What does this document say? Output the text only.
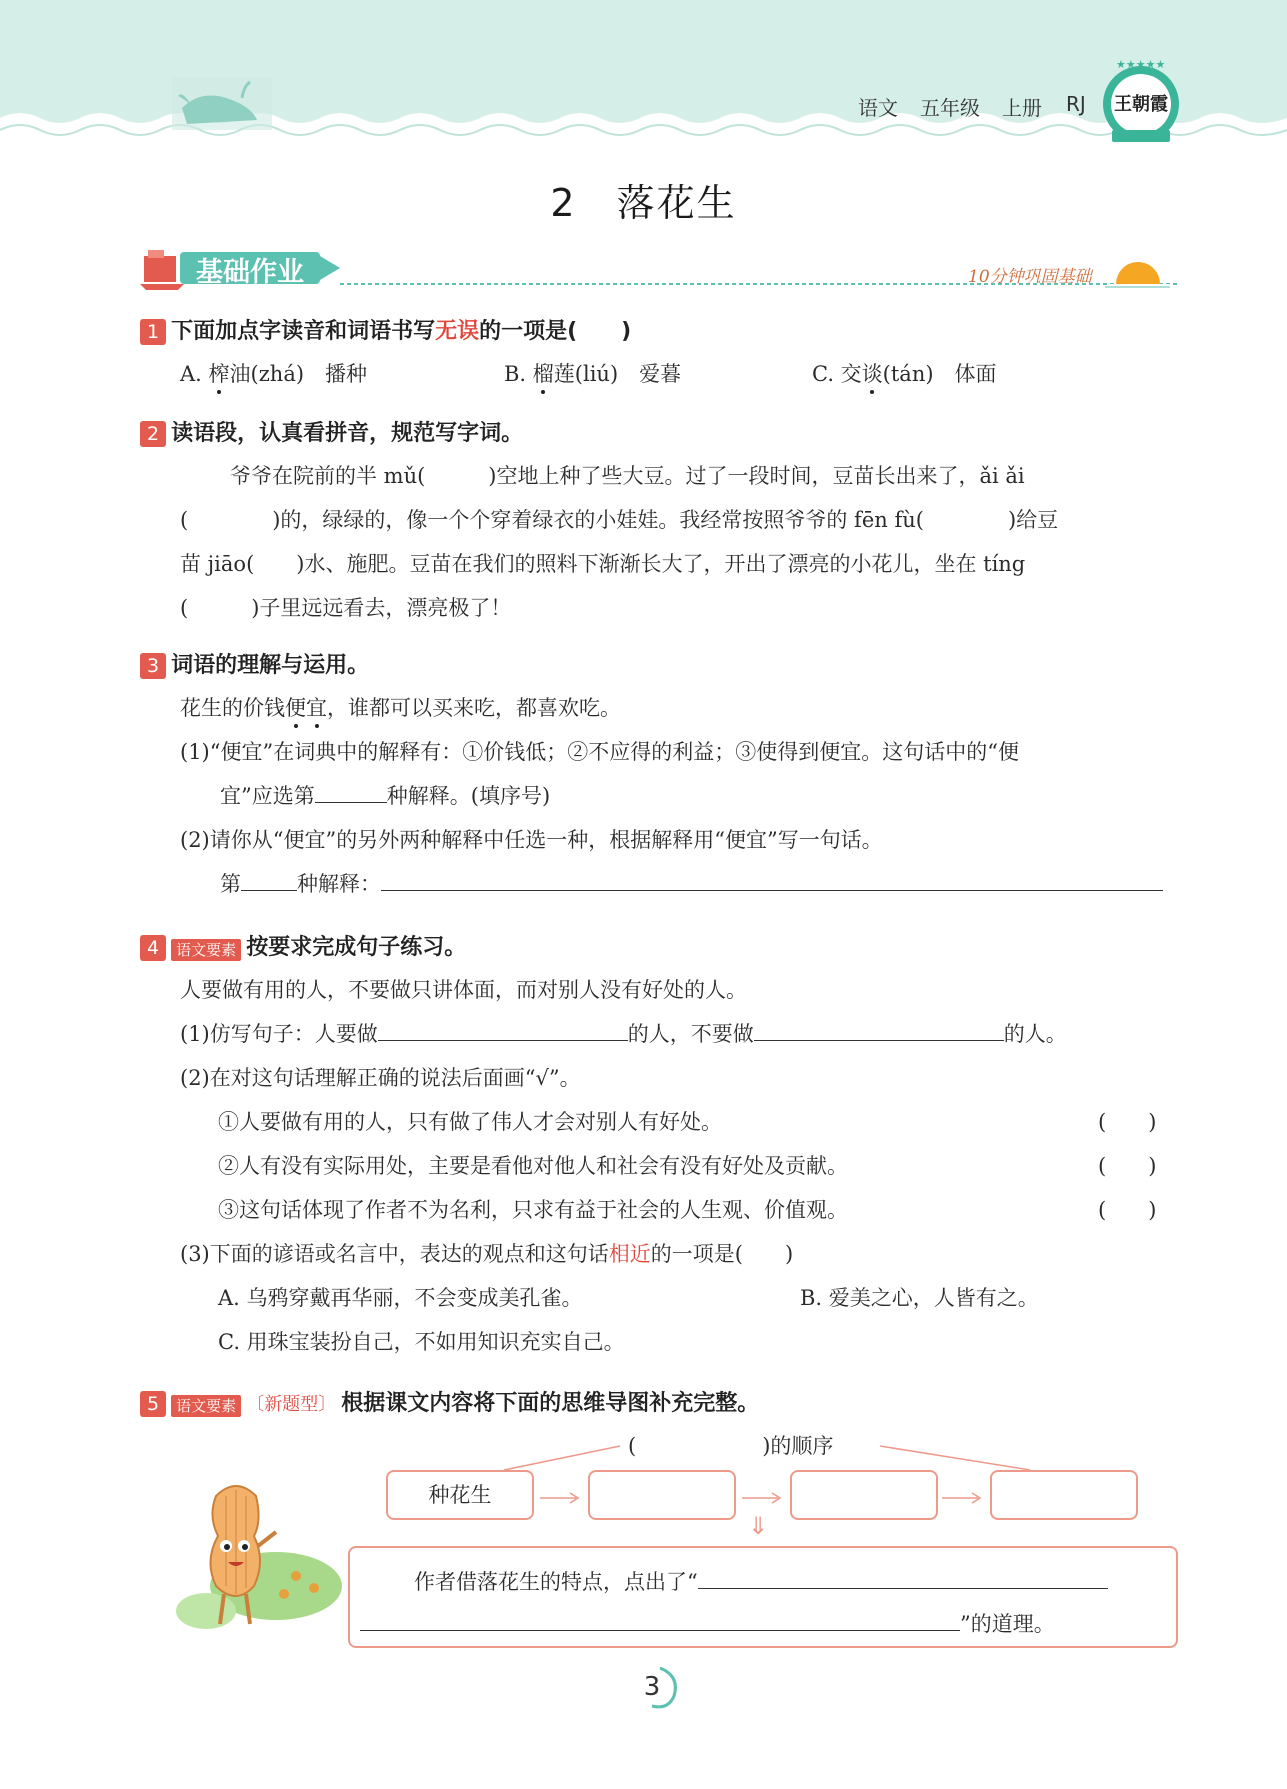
语文 五年级 上册 RJ
★★★★★
王朝霞
2　落花生
基础作业	10分钟巩固基础
1 下面加点字读音和词语书写无误的一项是(　　)
A. 榨油(zhá)　播种	B. 榴莲(liú)　爱暮	C. 交谈(tán)　体面
2 读语段，认真看拼音，规范写字词。
爷爷在院前的半 mǔ(　　　)空地上种了些大豆。过了一段时间，豆苗长出来了，ǎi ǎi
(　　　　)的，绿绿的，像一个个穿着绿衣的小娃娃。我经常按照爷爷的 fēn fù(　　　　)给豆
苗 jiāo(　　)水、施肥。豆苗在我们的照料下渐渐长大了，开出了漂亮的小花儿，坐在 tíng
(　　　)子里远远看去，漂亮极了！
3 词语的理解与运用。
花生的价钱便宜，谁都可以买来吃，都喜欢吃。
(1)“便宜”在词典中的解释有：①价钱低；②不应得的利益；③使得到便宜。这句话中的“便
宜”应选第	种解释。(填序号)
(2)请你从“便宜”的另外两种解释中任选一种，根据解释用“便宜”写一句话。
第	种解释：
4 语文要素 按要求完成句子练习。
人要做有用的人，不要做只讲体面，而对别人没有好处的人。
(1)仿写句子：人要做	的人，不要做	的人。
(2)在对这句话理解正确的说法后面画“√”。
①人要做有用的人，只有做了伟人才会对别人有好处。	(　　)
②人有没有实际用处，主要是看他对他人和社会有没有好处及贡献。	(　　)
③这句话体现了作者不为名利，只求有益于社会的人生观、价值观。	(　　)
(3)下面的谚语或名言中，表达的观点和这句话相近的一项是(　　)
A. 乌鸦穿戴再华丽，不会变成美孔雀。	B. 爱美之心，人皆有之。
C. 用珠宝装扮自己，不如用知识充实自己。
5 语文要素 〔新题型〕 根据课文内容将下面的思维导图补充完整。
(　　　　　　)的顺序
种花生
⇓
作者借落花生的特点，点出了“
”的道理。
3
